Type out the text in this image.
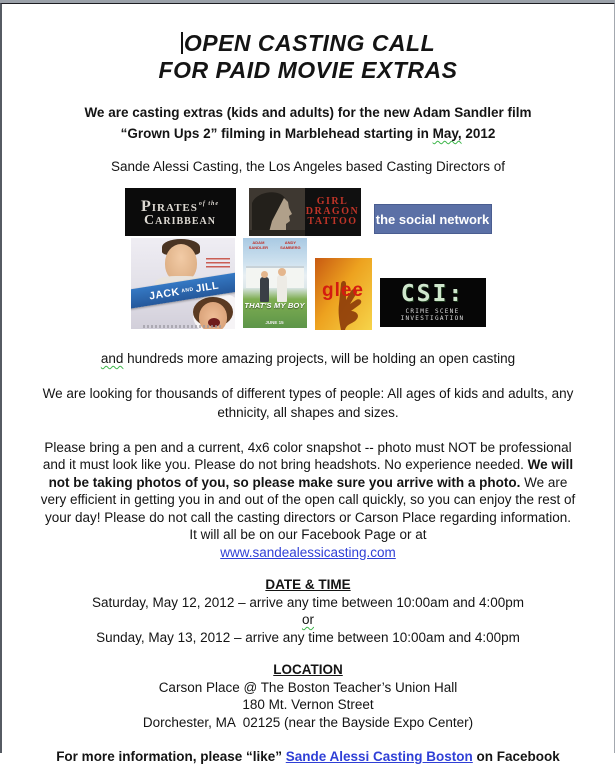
OPEN CASTING CALL
FOR PAID MOVIE EXTRAS
We are casting extras (kids and adults) for the new Adam Sandler film
“Grown Ups 2” filming in Marblehead starting in May, 2012
Sande Alessi Casting, the Los Angeles based Casting Directors of
Pirates$^{of the}$
Caribbean
GIRL
DRAGON
TATTOO the social network
JACK AND JILL
ADAM SANDLER
ANDY SAMBERG
THAT'S MY BOY
JUNE 15
glee	CSI:
CRIME SCENE INVESTIGATION
and hundreds more amazing projects, will be holding an open casting
We are looking for thousands of different types of people: All ages of kids and adults, any ethnicity, all shapes and sizes.
Please bring a pen and a current, 4x6 color snapshot -- photo must NOT be professional and it must look like you. Please do not bring headshots. No experience needed. We will not be taking photos of you, so please make sure you arrive with a photo. We are very efficient in getting you in and out of the open call quickly, so you can enjoy the rest of your day! Please do not call the casting directors or Carson Place regarding information. It will all be on our Facebook Page or at
www.sandealessicasting.com
DATE & TIME
Saturday, May 12, 2012 – arrive any time between 10:00am and 4:00pm
or
Sunday, May 13, 2012 – arrive any time between 10:00am and 4:00pm
LOCATION
Carson Place @ The Boston Teacher’s Union Hall
180 Mt. Vernon Street
Dorchester, MA  02125 (near the Bayside Expo Center)
For more information, please “like” Sande Alessi Casting Boston on Facebook
